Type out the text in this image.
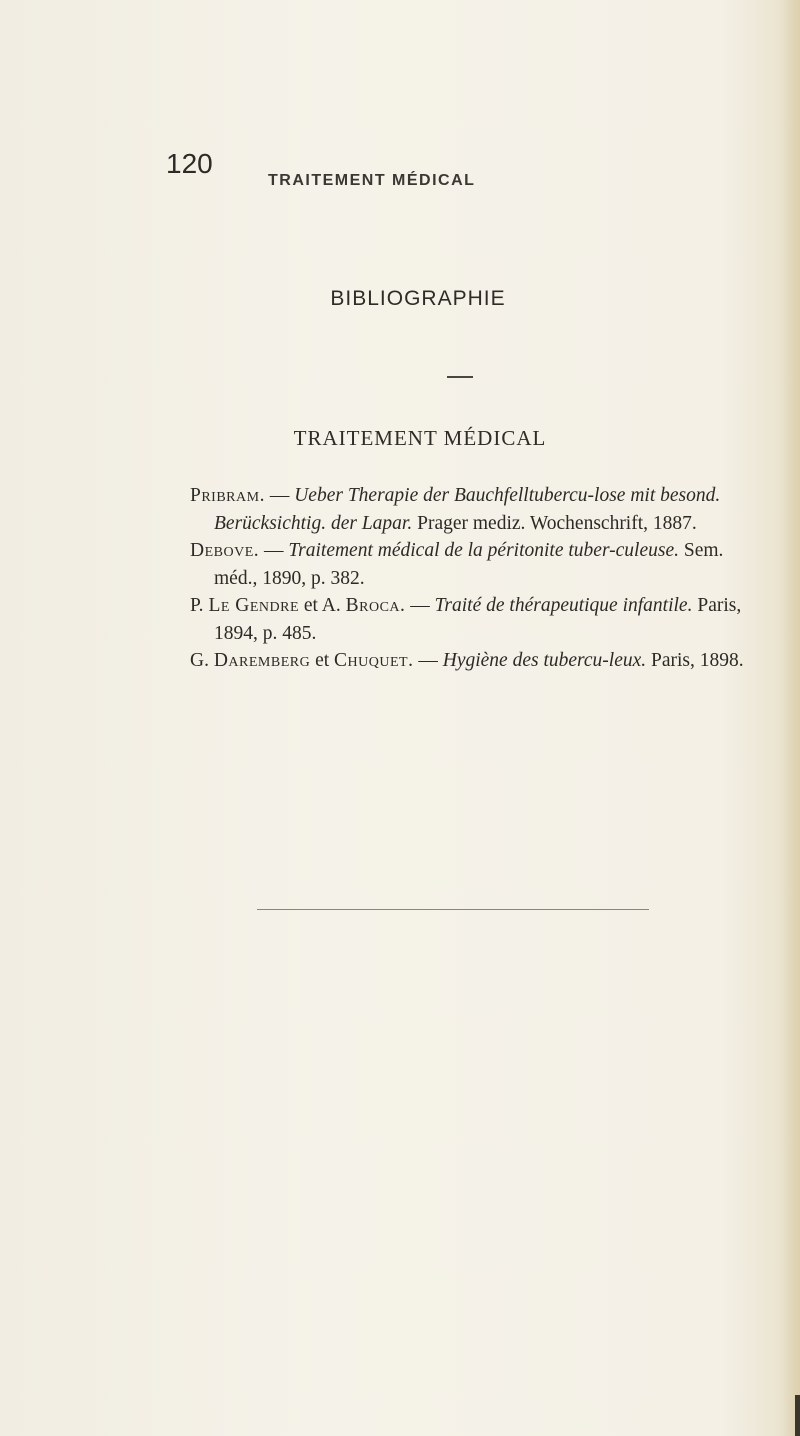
120
TRAITEMENT MÉDICAL
BIBLIOGRAPHIE
TRAITEMENT MÉDICAL

Pribram. — Ueber Therapie der Bauchfelltubercu-lose mit besond. Berücksichtig. der Lapar. Prager mediz. Wochenschrift, 1887.

Debove. — Traitement médical de la péritonite tuber-culeuse. Sem. méd., 1890, p. 382.

P. Le Gendre et A. Broca. — Traité de thérapeutique infantile. Paris, 1894, p. 485.

G. Daremberg et Chuquet. — Hygiène des tubercu-leux. Paris, 1898.
